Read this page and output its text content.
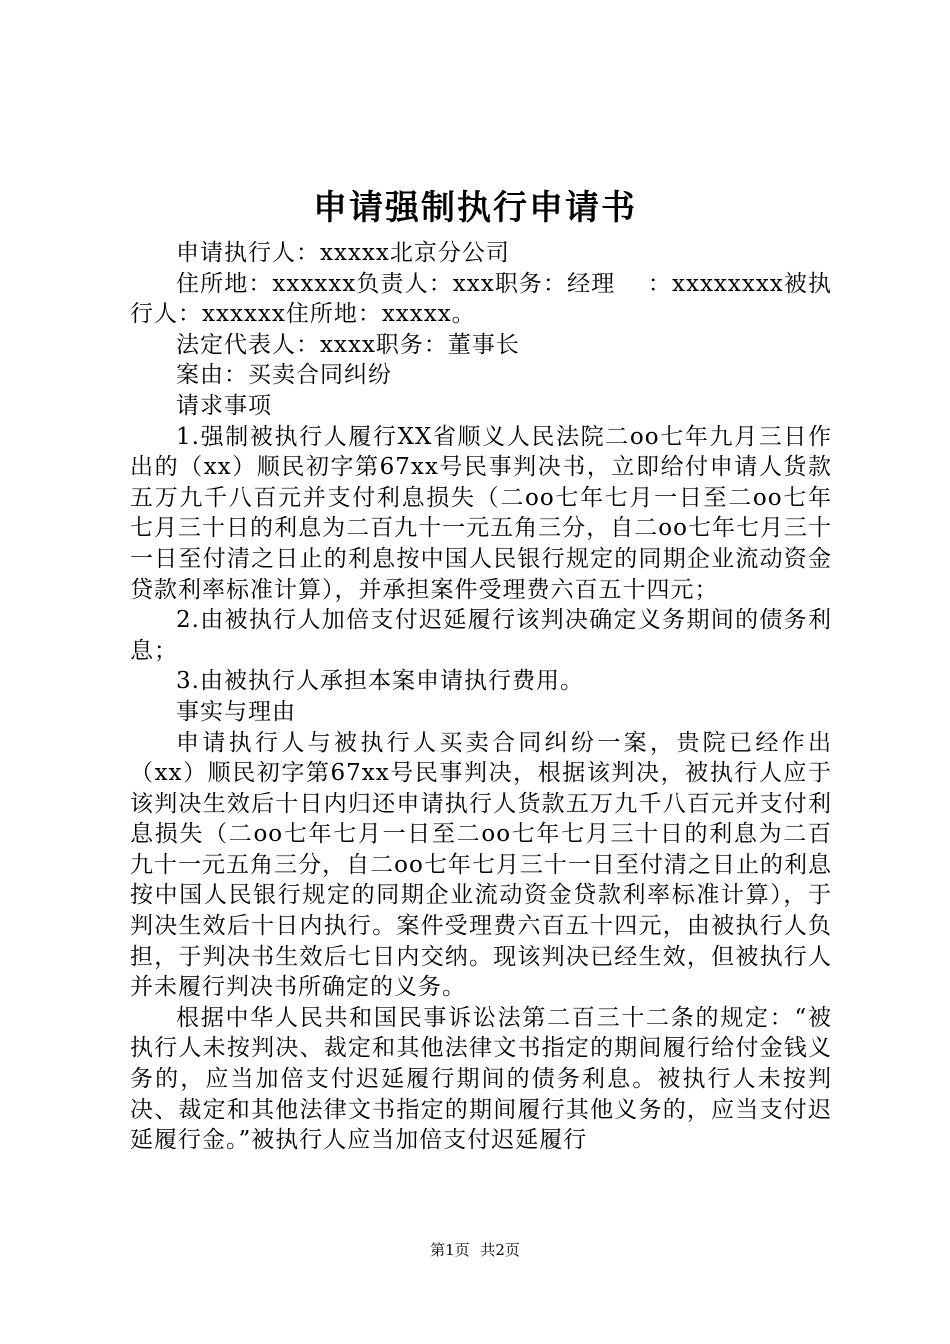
申请强制执行申请书

申请执行人：xxxxx北京分公司

住所地：xxxxxx负责人：xxx职务：经理　 ：xxxxxxxx被执行人：xxxxxx住所地：xxxxx。

法定代表人：xxxx职务：董事长

案由：买卖合同纠纷

请求事项

1.强制被执行人履行XX省顺义人民法院二oo七年九月三日作出的（xx）顺民初字第67xx号民事判决书，立即给付申请人货款五万九千八百元并支付利息损失（二oo七年七月一日至二oo七年七月三十日的利息为二百九十一元五角三分，自二oo七年七月三十一日至付清之日止的利息按中国人民银行规定的同期企业流动资金贷款利率标准计算），并承担案件受理费六百五十四元；

2.由被执行人加倍支付迟延履行该判决确定义务期间的债务利息；

3.由被执行人承担本案申请执行费用。

事实与理由

申请执行人与被执行人买卖合同纠纷一案，贵院已经作出（xx）顺民初字第67xx号民事判决，根据该判决，被执行人应于该判决生效后十日内归还申请执行人货款五万九千八百元并支付利息损失（二oo七年七月一日至二oo七年七月三十日的利息为二百九十一元五角三分，自二oo七年七月三十一日至付清之日止的利息按中国人民银行规定的同期企业流动资金贷款利率标准计算），于判决生效后十日内执行。案件受理费六百五十四元，由被执行人负担，于判决书生效后七日内交纳。现该判决已经生效，但被执行人并未履行判决书所确定的义务。

根据中华人民共和国民事诉讼法第二百三十二条的规定：“被执行人未按判决、裁定和其他法律文书指定的期间履行给付金钱义务的，应当加倍支付迟延履行期间的债务利息。被执行人未按判决、裁定和其他法律文书指定的期间履行其他义务的，应当支付迟延履行金。”被执行人应当加倍支付迟延履行

第1页 共2页
